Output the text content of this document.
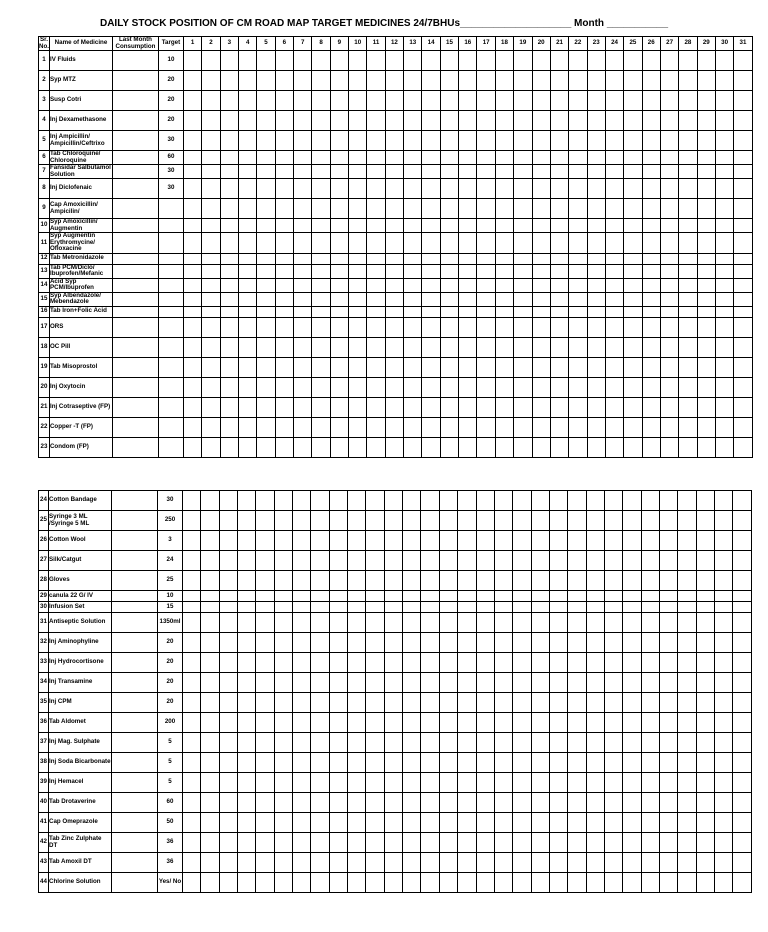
DAILY STOCK POSITION OF CM ROAD MAP TARGET MEDICINES 24/7BHUs____________________ Month ___________
Sr. No.	Name of Medicine	Last Month Consumption	Target	1	2	3	4	5	6	7	8	9	10	11	12	13	14	15	16	17	18	19	20	21	22	23	24	25	26	27	28	29	30	31
1	IV Fluids		10																															
2	Syp MTZ		20																															
3	Susp Cotri		20																															
4	Inj Dexamethasone		20																															
5	Inj Ampicillin/ Ampicillin/Ceftrixo		30																															
6	Tab Chloroquine/ Chloroquine		60																															
7	Fansidar Salbutamol Solution		30																															
8	Inj Diclofenaic		30																															
9	Cap Amoxicillin/ Ampicilin/																																	
10	Syp Amoxicillin/ Augmentin																																	
11	Syp Augmentin Erythromycine/ Ofloxacine																																	
12	Tab Metronidazole																																	
13	Tab PCM/Diclo/ Ibuprofen/Mefanic																																	
14	Acid Syp PCM/Ibuprofen																																	
15	Syp Albendazole/ Mebendazole																																	
16	Tab Iron+Folic Acid																																	
17	ORS																																	
18	OC Pill																																	
19	Tab Misoprostol																																	
20	Inj Oxytocin																																	
21	Inj Cotraseptive (FP)																																	
22	Copper -T (FP)																																	
23	Condom (FP)																																	
24	Cotton Bandage		30																															
25	Syringe 3 ML /Syringe 5 ML		250																															
26	Cotton Wool		3																															
27	Silk/Catgut		24																															
28	Gloves		25																															
29	canula 22 G/ IV		10																															
30	Infusion Set		15																															
31	Antiseptic Solution		1350ml																															
32	Inj Aminophyline		20																															
33	Inj Hydrocortisone		20																															
34	Inj Transamine		20																															
35	Inj CPM		20																															
36	Tab Aldomet		200																															
37	Inj Mag. Sulphate		5																															
38	Inj Soda Bicarbonate		5																															
39	Inj Hemacel		5																															
40	Tab Drotaverine		60																															
41	Cap Omeprazole		50																															
42	Tab Zinc Zulphate DT		36																															
43	Tab Amoxil DT		36																															
44	Chlorine Solution		Yes/ No																															
